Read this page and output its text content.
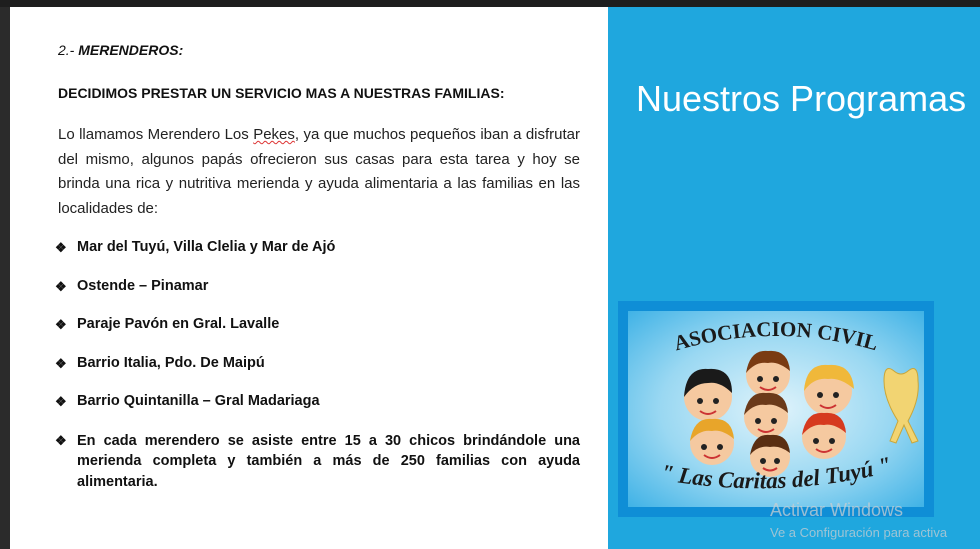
2.- MERENDEROS:
DECIDIMOS PRESTAR UN SERVICIO MAS A NUESTRAS FAMILIAS:
Lo llamamos Merendero Los Pekes, ya que muchos pequeños iban a disfrutar del mismo, algunos papás ofrecieron sus casas para esta tarea y hoy se brinda una rica y nutritiva merienda y ayuda alimentaria a las familias en las localidades de:
❖ Mar del Tuyú, Villa Clelia y Mar de Ajó
❖ Ostende – Pinamar
❖ Paraje Pavón en Gral. Lavalle
❖ Barrio Italia, Pdo. De Maipú
❖ Barrio Quintanilla – Gral Madariaga
❖ En cada merendero se asiste entre 15 a 30 chicos brindándole una merienda completa y también a más de 250 familias con ayuda alimentaria.
Nuestros Programas
ASOCIACION CIVIL
" Las Caritas del Tuyú "
Activar Windows
Ve a Configuración para activa
